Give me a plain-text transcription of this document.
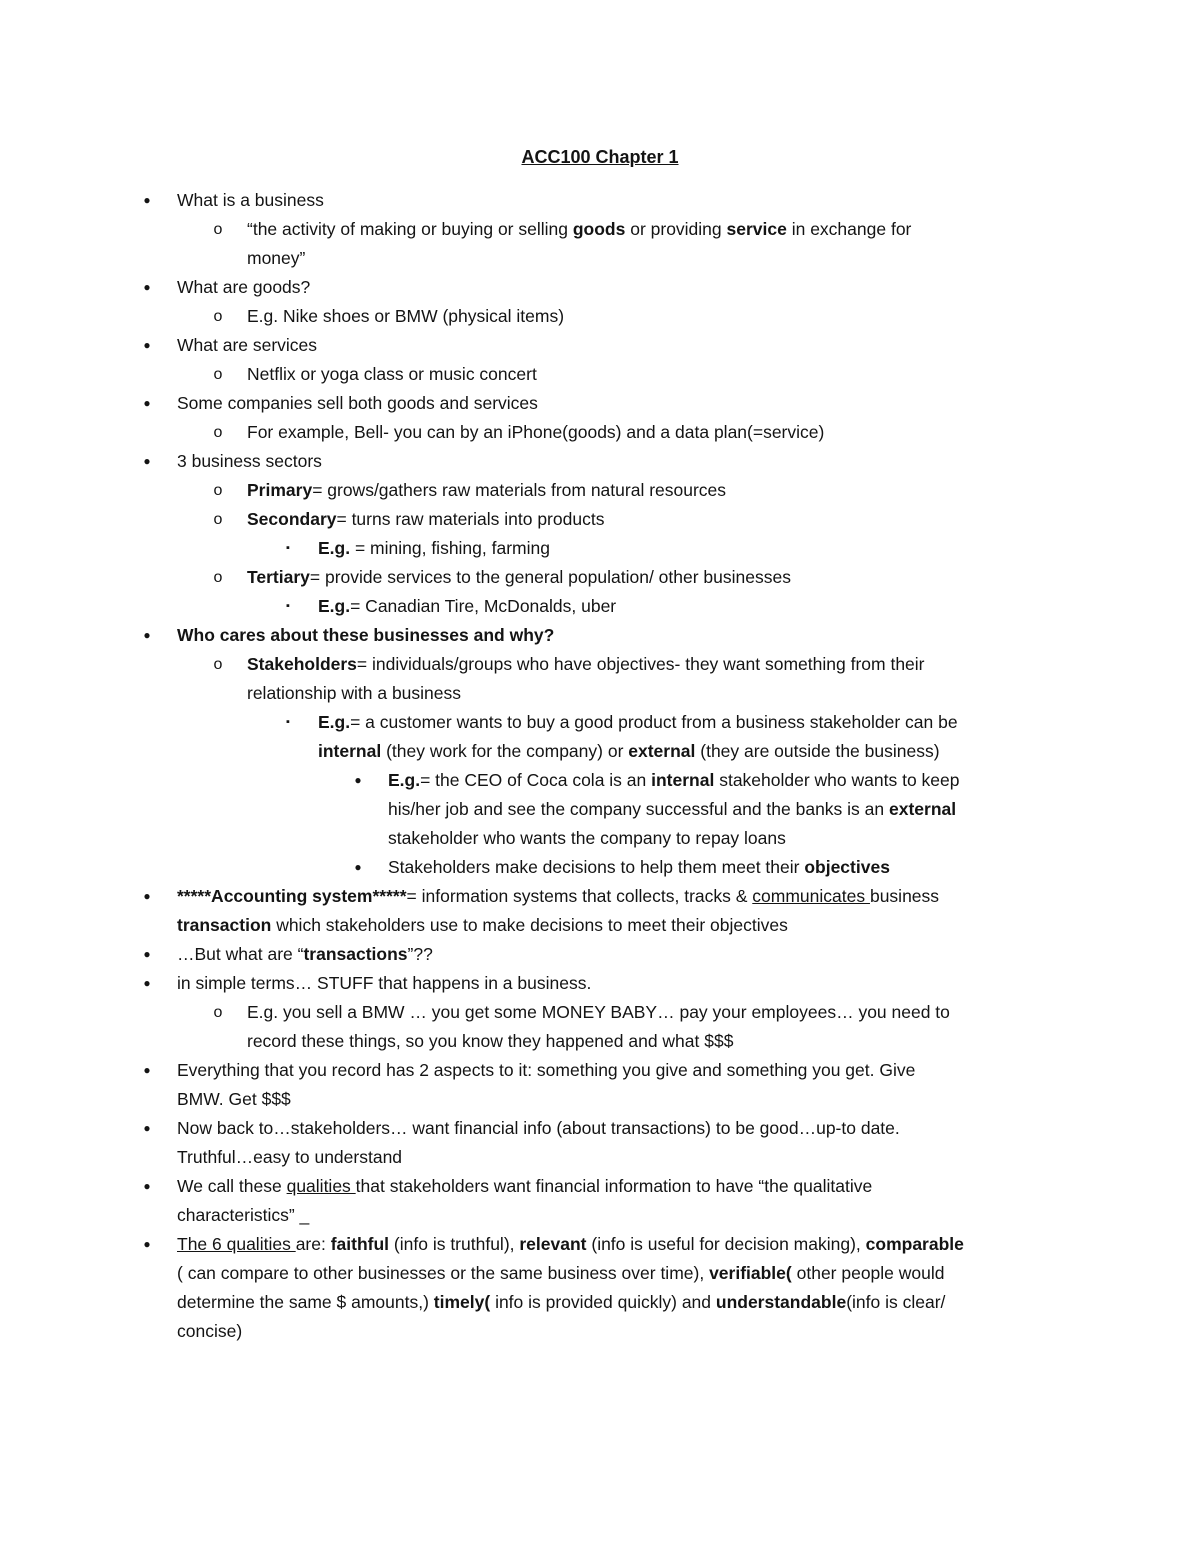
ACC100 Chapter 1
●	What is a business
o	“the activity of making or buying or selling goods or providing service in exchange for
money”
●	What are goods?
o	E.g. Nike shoes or BMW (physical items)
●	What are services
o	Netflix or yoga class or music concert
●	Some companies sell both goods and services
o	For example, Bell- you can by an iPhone(goods) and a data plan(=service)
●	3 business sectors
o	Primary= grows/gathers raw materials from natural resources
o	Secondary= turns raw materials into products
▪	E.g. = mining, fishing, farming
o	Tertiary= provide services to the general population/ other businesses
▪	E.g.= Canadian Tire, McDonalds, uber
●	Who cares about these businesses and why?
o	Stakeholders= individuals/groups who have objectives- they want something from their
relationship with a business
▪	E.g.= a customer wants to buy a good product from a business stakeholder can be
internal (they work for the company) or external (they are outside the business)
●	E.g.= the CEO of Coca cola is an internal stakeholder who wants to keep
his/her job and see the company successful and the banks is an external
stakeholder who wants the company to repay loans
●	Stakeholders make decisions to help them meet their objectives
●	*****Accounting system*****= information systems that collects, tracks & communicates business
transaction which stakeholders use to make decisions to meet their objectives
●	…But what are “transactions”??
●	in simple terms… STUFF that happens in a business.
o	E.g. you sell a BMW … you get some MONEY BABY… pay your employees… you need to
record these things, so you know they happened and what $$$
●	Everything that you record has 2 aspects to it: something you give and something you get. Give
BMW. Get $$$
●	Now back to…stakeholders… want financial info (about transactions) to be good…up-to date.
Truthful…easy to understand
●	We call these qualities that stakeholders want financial information to have “the qualitative
characteristics” _
●	The 6 qualities are: faithful (info is truthful), relevant (info is useful for decision making), comparable
( can compare to other businesses or the same business over time), verifiable( other people would
determine the same $ amounts,) timely( info is provided quickly) and understandable(info is clear/
concise)
